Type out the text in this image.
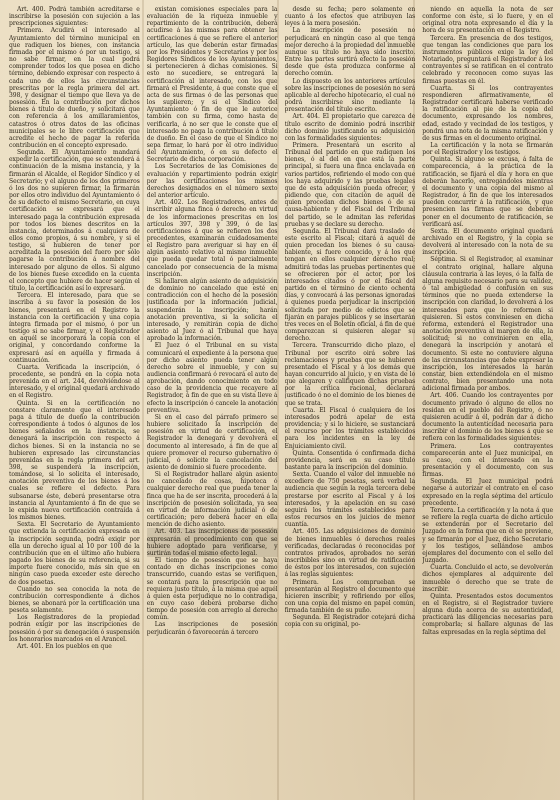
Art. 400. Podrá también acreditarse e inscribirse la posesión con sujeción a las prescripciones siguientes:

Primera. Acudirá el interesado al Ayuntamiento del término municipal en que radiquen los bienes, con instancia firmada por el mismo ó por un testigo, si no sabe firmar, en la cual podrá comprender todos los que posea en dicho término, debiendo expresar con respecto á cada uno de ellos las circunstancias prescritas por la regla primera del art. 398, y designar el tiempo que lleva ya de posesión. En la contribución por dichos bienes á título de dueño, y solicitará que con referencia á los amillaramientos, catastros ó otros datos de las oficinas municipales se le libre certificación que acredite el hecho de pagar la referida contribución en el concepto expresado.

Segunda. El Ayuntamiento mandará expedir la certificación, que se extenderá á continuación de la misma instancia, y la firmarán el Alcalde, el Regidor Síndico y el Secretario; y el alguno de los dos primeros ó los dos no supieren firmar, la firmarán por ellos otro individuo del Ayuntamiento ó de su defecto el mismo Secretario, en cuya certificación se expresará que el interesado paga la contribución expresada por todos los bienes descritos en la instancia, determinados á cualquiera de ellos como propios, á su nombre, y si el testigo, si hubieren de tener por acreditada la posesión del fuero por sólo pagarse la contribución á nombre del interesado por alguno de ellos. Si alguno de los bienes fuese excedido en la cuenta el concepto que hubiere de hacer según el título, la certificación así lo expresará.

Tercera. El interesado, para que se inscriba á su favor la posesión de los bienes, presentará en el Registro la instancia con la certificación y una copia íntegra firmada por el mismo, ó por un testigo si no sabe firmar, y el Registrador en aquél se incorporará la copia con el original, y concordando conforme la expresará así en aquélla y firmada á continuación.

Cuarta. Verificada la inscripción, ó procedente, se pondrá en la copia nota prevenida en el art. 244, devolviéndose al interesado, y el original quedará archivado en el Registro.

Quinta. Si en la certificación no constare claramente que el interesado paga á título de dueño la contribución correspondiente á todos ó algunos de los bienes señalados en la instancia, se denegará la inscripción con respecto á dichos bienes. Si en la instancia no se hubieren expresado las circunstancias prevenidas en la regla primera del art. 398, se suspenderá la inscripción, tomándose, si lo solicita el interesado, anotación preventiva de los bienes á los cuales se refiere el defecto. Para subsanarse éste, deberá presentarse otra instancia al Ayuntamiento á fin de que se le expida nueva certificación contraída á los mismos bienes.

Sexta. El Secretario de Ayuntamiento que extienda la certificación expresada en la inscripción segunda, podrá exigir por ella un derecho igual al 10 por 100 de la contribución que en el último año hubiera pagado los bienes de su referencia, si su importe fuere conocido, más sin que en ningún caso pueda exceder este derecho de dos pesetas.

Cuando no sea conocida la nota de contribución correspondiente á dichos bienes, se abonará por la certificación una peseta solamente.

Los Registradores de la propiedad podrán exigir por las inscripciones de posesión ó por su denegación ó suspensión los honorarios marcados en el Arancel.

Art. 401. En los pueblos en que

existan comisiones especiales para la evaluación de la riqueza inmueble y repartimiento de la contribución, deberá acudirse á las mismas para obtener las certificaciones á que se refiere el anterior artículo, las que deberán estar firmadas por los Presidentes y Secretarios y por los Regidores Síndicos de los Ayuntamientos, si pertenecieren á dichas comisiones. Si esto no sucediere, se entregará la certificación al interesado, con los que firmará el Presidente, á que conste que el acta de sus firmas ó de las personas que los suplieren; y si el Síndico del Ayuntamiento ó fin de que le autorice también con su firma, como hasta de verificarla, á no ser que le conste que el interesado no paga la contribución á título de dueño. En el caso de que el Síndico no sepa firmar, lo hará por él otro individuo del Ayuntamiento, ó en su defecto el Secretario de dicha corporación.

Los Secretarios de las Comisiones de evaluación y repartimiento podrán exigir por las certificaciones los mismos derechos designados en el número sexto del anterior artículo.

Art. 402. Los Registradores, antes de inscribir alguna finca ó derecho en virtud de los informaciones prescritas en los artículos 397, 398 y 399, ó de las certificaciones á que se refieren los dos precedentes, examinarán cuidadosamente el Registro para averiguar si hay en él algún asiento relativo al mismo inmueble que pueda quedar total ó parcialmente cancelado por consecuencia de la misma inscripción.

Si hallaren algún asiento de adquisición de dominio no cancelado que esté en contradicción con el hecho de la posesión justificada por la información judicial, suspenderán la inscripción; harán anotación preventiva, si la solicita el interesado, y remitirán copia de dicho asiento al Juez ó al Tribunal que haya aprobado la información.

El Juez ó el Tribunal en su vista comunicará el expediente á la persona que por dicho asiento pueda tener algún derecho sobre el inmueble, y con su audiencia confirmará ó revocará el auto de aprobación, dando conocimiento en todo caso de la providencia que recayere al Registrador, á fin de que en su vista lleve á efecto la inscripción ó cancele la anotación preventiva.

Si en el caso del párrafo primero se hubiere solicitado la inscripción de posesión en virtud de certificación, el Registrador la denegará y devolverá el documento al interesado, á fin de que al quiere promover el recurso gubernativo ó judicial, ó solicite la cancelación del asiento de dominio si fuere procedente.

Si el Registrador hallare algún asiento no cancelado de cosas, hipoteca ó cualquier derecho real que pueda tener la finca que ha de ser inscrita, procederá á la inscripción de posesión solicitada, ya sea en virtud de información judicial ó de certificación; pero deberá hacer en ella mención de dicho asiento.

Art. 403. Las inscripciones de posesión expresarán el procedimiento con que se hubiere adoptado para verificarse, y surtirán todas el mismo efecto legal.

El tiempo de posesión que se haya contado en dichas inscripciones como transcurrido, cuando estas se verifiquen, se contará para la prescripción que no requiera justo título, á la misma que aquél á quien esta perjudique no lo contradiga, en cuyo caso deberá probarse dicho tiempo de posesión con arreglo al derecho común.

Las inscripciones de posesión perjudicarán ó favorecerán á tercero

desde su fecha; pero solamente en cuanto á los efectos que atribuyen las leyes á la mera posesión.

La inscripción de posesión no perjudicará en ningún caso al que tenga mejor derecho á la propiedad del inmueble aunque su título no haya sido inscrito. Entre las partes surtirá efecto la posesión desde que ésta produzca conforme al derecho común.

Lo dispuesto en los anteriores artículos sobre las inscripciones de posesión no será aplicable al derecho hipotecario, el cual no podrá inscribirse sino mediante la presentación del título escrito.

Art. 404. El propietario que carezca de título escrito de dominio podrá inscribir dicho dominio justificando su adquisición con las formalidades siguientes:

Primera. Presentará un escrito al Tribunal del partido en que radiquen los bienes, ó al del en que está la parte principal, si fuera una finca enclavada en varios partidos, refiriendo el modo con que los haya adquirido y las pruebas legales que de esta adquisición pueda ofrecer, y pidiendo que, con citación de aquél de quien procedan dichos bienes ó de su causa-habiente y del Fiscal del Tribunal del partido, se le admitan las referidas pruebas y se declare su derecho.

Segunda. El Tribunal dará traslado de este escrito al Fiscal; citará á aquél de quien procedan los bienes ó su causa-habiente, si fuere conocido, y á los que tengan en ellos cualquier derecho real; admitirá todas las pruebas pertinentes que se ofrecieren por el actor, por los interesados citados ó por el fiscal del partido en el término de ciento ochenta días, y convocará á las personas ignoradas á quienes pueda perjudicar la inscripción solicitada por medio de edictos que se fijarán en parajes públicos y se insertarán tres veces en el Boletín oficial, á fin de que comparezcan si quisieren alegar su derecho.

Tercera. Transcurrido dicho plazo, el Tribunal por escrito oirá sobre las reclamaciones y pruebas que se hubieren presentado el Fiscal y á los demás que hayan concurrido al juicio, y en vista de lo que alegaren y califiquen dichas pruebas por la crítica racional, declarará justificado ó no el dominio de los bienes de que se trata.

Cuarta. El Fiscal ó cualquiera de los interesados podrá apelar de esta providencia; y si lo hiciere, se sustanciará el recurso por los trámites establecidos para los incidentes en la ley de Enjuiciamiento civil.

Quinta. Consentida ó confirmada dicha providencia, será en su caso título bastante para la inscripción del dominio.

Sexta. Cuando el valor del inmueble no excediere de 750 pesetas, será verbal la audiencia que según la regla tercera debe prestarse por escrito al Fiscal y á los interesados, y la apelación en su caso seguirá los trámites establecidos para estos recursos en los juicios de menor cuantía.

Art. 405. Las adquisiciones de dominio de bienes inmuebles ó derechos reales verificadas, declaradas ó reconocidas por contratos privados, aprobados no serán inscribibles sino en virtud de ratificación de éstos por los interesados, con sujeción á las reglas siguientes:

Primera. Los comprueban se presentarán al Registro el documento que hicieren inscribir, y refiriendo por ellos, con una copia del mismo en papel común, firmada también de su puño.

Segunda. El Registrador cotejará dicha copia con su original, po-

niendo en aquella la nota de ser conforme con éste, si lo fuere, y en el original otra nota expresando el día y la hora de su presentación en el Registro.

Tercera. En presencia de dos testigos, que tengan las condiciones que para los instrumentos públicos exige la ley del Notariado, preguntará el Registrador á los contrayentes si se ratifican en el contrato celebrado y reconocen como suyas las firmas puestas en él.

Cuarta. Si los contrayentes respondieren afirmativamente, el Registrador certificará haberse verificado la ratificación al pie de la copia del documento, expresando los nombres, edad, estado y vecindad de los testigos, y pondrá una nota de la misma ratificación y de sus firmas en el documento original.

La certificación y la nota se firmarán por el Registrador y los testigos.

Quinta. Si alguno se excusa, á falta de comparecencia, á la práctica de la ratificación, se fijará el día y hora en que deberán hacerlo, entregándoles mientras el documento y una copia del mismo al Registrador, á fin de que los interesados pueden concurrir á la ratificación, y que presencien las firmas que se deberán poner en el documento de ratificación, se verificará así.

Sexta. El documento original quedará archivado en el Registro, y la copia se devolverá al interesado con la nota de su inscripción.

Séptima. Si el Registrador, al examinar el contrato original, hallare alguna cláusula contraria á las leyes, ó la falta de alguna requisito necesario para su validez, ó tal ambigüedad ó confusión en sus términos que no pueda extenderse la inscripción con claridad, lo devolverá á los interesados para que lo reformen si quisieren. Si estos conviniesen en dicha reforma, extenderá el Registrador una anotación preventiva al margen de ella, la solicitud; si no convinieren en ella, denegará la inscripción y anotará el documento. Si este no contuviere alguna de las circunstancias que debe expresar la inscripción, los interesados la harán constar, bien extendiéndola en el mismo contrato, bien presentando una nota adicional firmada por ambos.

Art. 406. Cuando los contrayentes por documento privado ó alguno de ellos no residan en el pueblo del Registro, ó no quisieren acudir á él, podrán dar á dicho documento la autenticidad necesaria para inscribir el dominio de los bienes á que se refiera con las formalidades siguientes:

Primera. Los contrayentes comparecerán ante el Juez municipal, en su caso, con el interesado en la presentación y el documento, con sus firmas.

Segunda. El Juez municipal podrá negarse á autorizar el contrato en el caso expresado en la regla séptima del artículo precedente.

Tercera. La certificación y la nota á que se refiere la regla cuarta de dicho artículo se extenderán por el Secretario del Juzgado en la forma que en él se previene, y se firmarán por el Juez, dicho Secretario y los testigos, sellándose ambos ejemplares del documento con el sello del Juzgado.

Cuarta. Concluido el acto, se devolverán dichos ejemplares al adquirente del inmueble ó derecho que se trate de inscribir.

Quinta. Presentados estos documentos en el Registro, si el Registrador tuviere alguna duda acerca de su autenticidad, practicará las diligencias necesarias para comprobarla; si hallare algunas de las faltas expresadas en la regla séptima del
